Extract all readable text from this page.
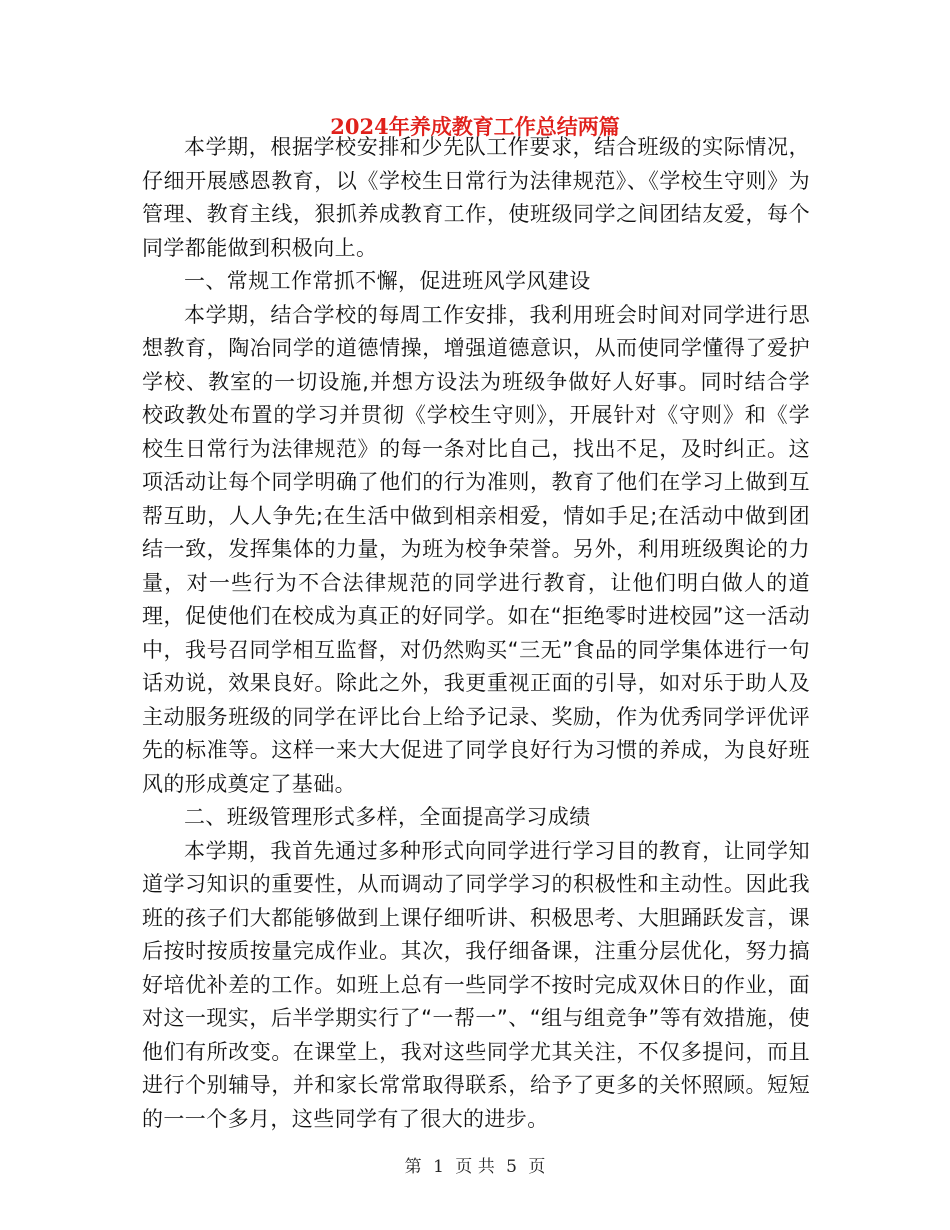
2024年养成教育工作总结两篇

本学期，根据学校安排和少先队工作要求，结合班级的实际情况，仔细开展感恩教育，以《学校生日常行为法律规范》、《学校生守则》为管理、教育主线，狠抓养成教育工作，使班级同学之间团结友爱，每个同学都能做到积极向上。

一、常规工作常抓不懈，促进班风学风建设

本学期，结合学校的每周工作安排，我利用班会时间对同学进行思想教育，陶冶同学的道德情操，增强道德意识，从而使同学懂得了爱护学校、教室的一切设施,并想方设法为班级争做好人好事。同时结合学校政教处布置的学习并贯彻《学校生守则》，开展针对《守则》和《学校生日常行为法律规范》的每一条对比自己，找出不足，及时纠正。这项活动让每个同学明确了他们的行为准则，教育了他们在学习上做到互帮互助，人人争先;在生活中做到相亲相爱，情如手足;在活动中做到团结一致，发挥集体的力量，为班为校争荣誉。另外，利用班级舆论的力量，对一些行为不合法律规范的同学进行教育，让他们明白做人的道理，促使他们在校成为真正的好同学。如在“拒绝零时进校园”这一活动中，我号召同学相互监督，对仍然购买“三无”食品的同学集体进行一句话劝说，效果良好。除此之外，我更重视正面的引导，如对乐于助人及主动服务班级的同学在评比台上给予记录、奖励，作为优秀同学评优评先的标准等。这样一来大大促进了同学良好行为习惯的养成，为良好班风的形成奠定了基础。

二、班级管理形式多样，全面提高学习成绩

本学期，我首先通过多种形式向同学进行学习目的教育，让同学知道学习知识的重要性，从而调动了同学学习的积极性和主动性。因此我班的孩子们大都能够做到上课仔细听讲、积极思考、大胆踊跃发言，课后按时按质按量完成作业。其次，我仔细备课，注重分层优化，努力搞好培优补差的工作。如班上总有一些同学不按时完成双休日的作业，面对这一现实，后半学期实行了“一帮一”、“组与组竞争”等有效措施，使他们有所改变。在课堂上，我对这些同学尤其关注，不仅多提问，而且进行个别辅导，并和家长常常取得联系，给予了更多的关怀照顾。短短的一一个多月，这些同学有了很大的进步。

第 1 页 共 5 页
